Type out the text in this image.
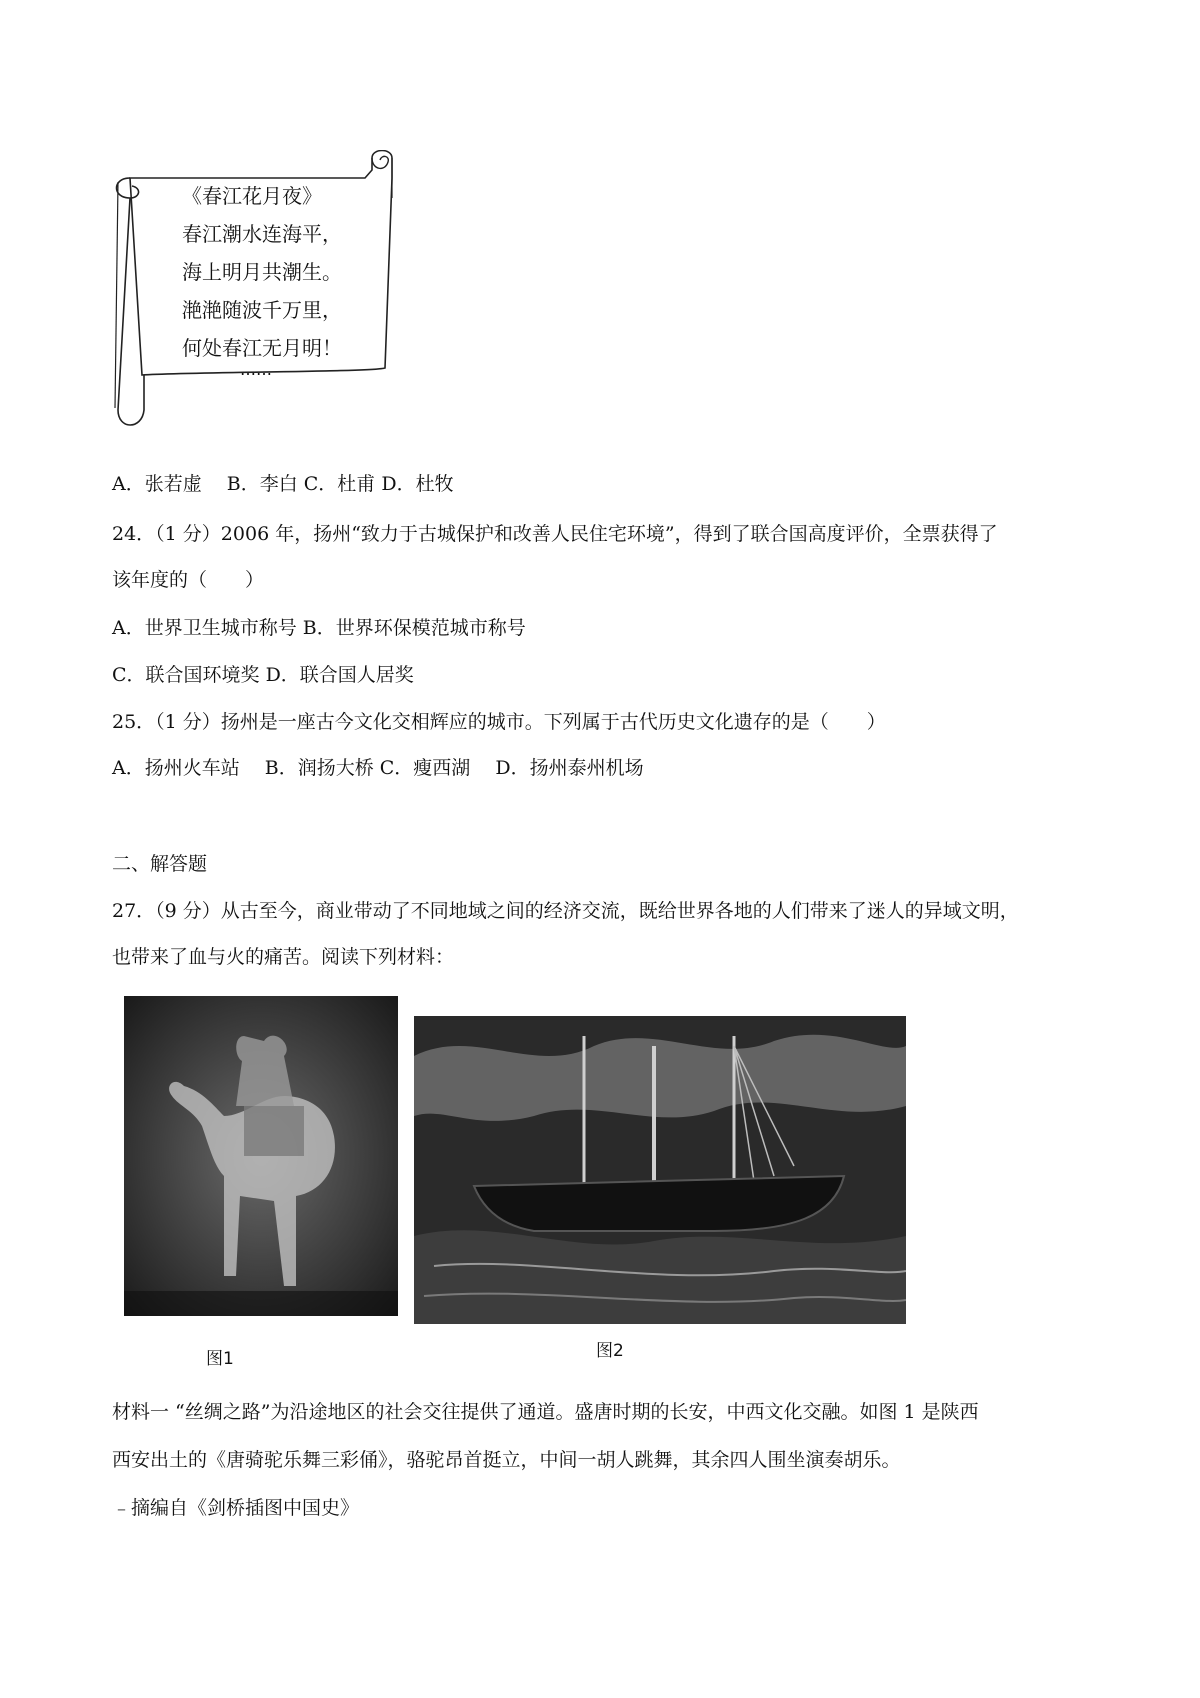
《春江花月夜》
春江潮水连海平，
海上明月共潮生。
滟滟随波千万里，
何处春江无月明！
……
A．张若虚　 B．李白 C．杜甫 D．杜牧
24．（1 分）2006 年，扬州“致力于古城保护和改善人民住宅环境”，得到了联合国高度评价，全票获得了
该年度的（　　）
A．世界卫生城市称号 B．世界环保模范城市称号
C．联合国环境奖 D．联合国人居奖
25．（1 分）扬州是一座古今文化交相辉应的城市。下列属于古代历史文化遗存的是（　　）
A．扬州火车站　 B．润扬大桥 C．瘦西湖　 D．扬州泰州机场
二、解答题
27．（9 分）从古至今，商业带动了不同地域之间的经济交流，既给世界各地的人们带来了迷人的异域文明，
也带来了血与火的痛苦。阅读下列材料：
图1	图2
材料一 “丝绸之路”为沿途地区的社会交往提供了通道。盛唐时期的长安，中西文化交融。如图 1 是陕西
西安出土的《唐骑驼乐舞三彩俑》，骆驼昂首挺立，中间一胡人跳舞，其余四人围坐演奏胡乐。
﹣摘编自《剑桥插图中国史》
